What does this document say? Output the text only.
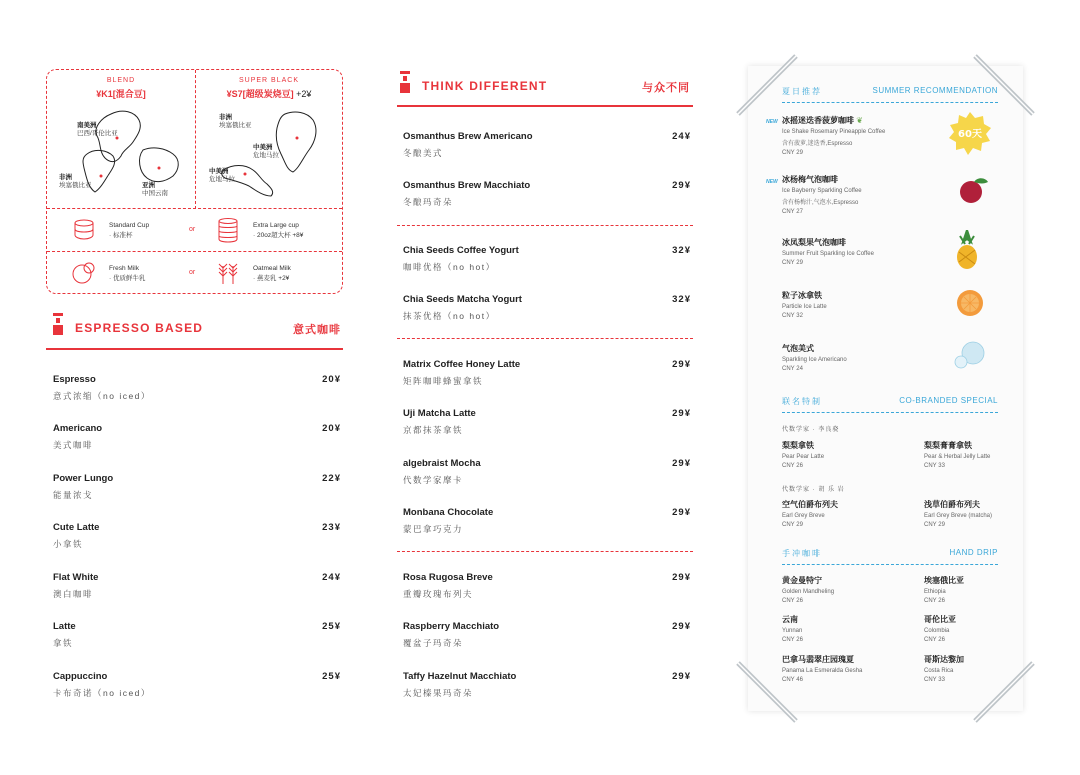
BLEND
¥K1[混合豆]
SUPER BLACK
¥S7[超级炭烧豆] +2¥
南美洲
巴西/哥伦比亚
非洲
埃塞俄比亚	亚洲
中国云南
非洲
埃塞俄比亚
中美洲
危地马拉
中美洲
危地马拉
Standard Cup
· 标准杯
or
Extra Large cup
· 20oz超大杯 +8¥
Fresh Milk
· 优质鲜牛乳
or
Oatmeal Milk
· 燕麦乳 +2¥
ESPRESSO BASED	意式咖啡
Espresso
意式浓缩（no iced）
20¥
Americano
美式咖啡
20¥
Power Lungo
能量浓戈
22¥
Cute Latte
小拿铁
23¥
Flat White
澳白咖啡
24¥
Latte
拿铁
25¥
Cappuccino
卡布奇诺（no iced）
25¥
THINK DIFFERENT	与众不同
Osmanthus Brew Americano
冬酿美式
24¥
Osmanthus Brew Macchiato
冬酿玛奇朵
29¥
Chia Seeds Coffee Yogurt
咖啡优格（no hot）
32¥
Chia Seeds Matcha Yogurt
抹茶优格（no hot）
32¥
Matrix Coffee Honey Latte
矩阵咖啡蜂蜜拿铁
29¥
Uji Matcha Latte
京都抹茶拿铁
29¥
algebraist Mocha
代数学家摩卡
29¥
Monbana Chocolate
蒙巴拿巧克力
29¥
Rosa Rugosa Breve
重瓣玫瑰布列夫
29¥
Raspberry Macchiato
覆盆子玛奇朵
29¥
Taffy Hazelnut Macchiato
太妃榛果玛奇朵
29¥
夏日推荐	SUMMER RECOMMENDATION
NEW 冰摇迷迭香菠萝咖啡 ❦
Ice Shake Rosemary Pineapple Coffee
含有菠萝,迷迭香,Espresso
CNY 29
60天
NEW 冰杨梅气泡咖啡
Ice Bayberry Sparkling Coffee
含有杨梅汁,气泡水,Espresso
CNY 27
冰凤梨果气泡咖啡
Summer Fruit Sparkling Ice Coffee
CNY 29
粒子冰拿铁
Particle Ice Latte
CNY 32
气泡美式
Sparkling Ice Americano
CNY 24
联名特制	CO-BRANDED SPECIAL
代数学家 · 李良骁
梨梨拿铁
Pear Pear Latte
CNY 26
梨梨膏膏拿铁
Pear & Herbal Jelly Latte
CNY 33
代数学家 · 胡 乐 岩
空气伯爵布列夫
Earl Grey Breve
CNY 29
浅草伯爵布列夫
Earl Grey Breve (matcha)
CNY 29
手冲咖啡	HAND DRIP
黄金曼特宁
Golden Mandheling
CNY 26
埃塞俄比亚
Ethiopia
CNY 26
云南
Yunnan
CNY 26
哥伦比亚
Colombia
CNY 26
巴拿马翡翠庄园瑰夏
Panama La Esmeralda Gesha
CNY 46
哥斯达黎加
Costa Rica
CNY 33
